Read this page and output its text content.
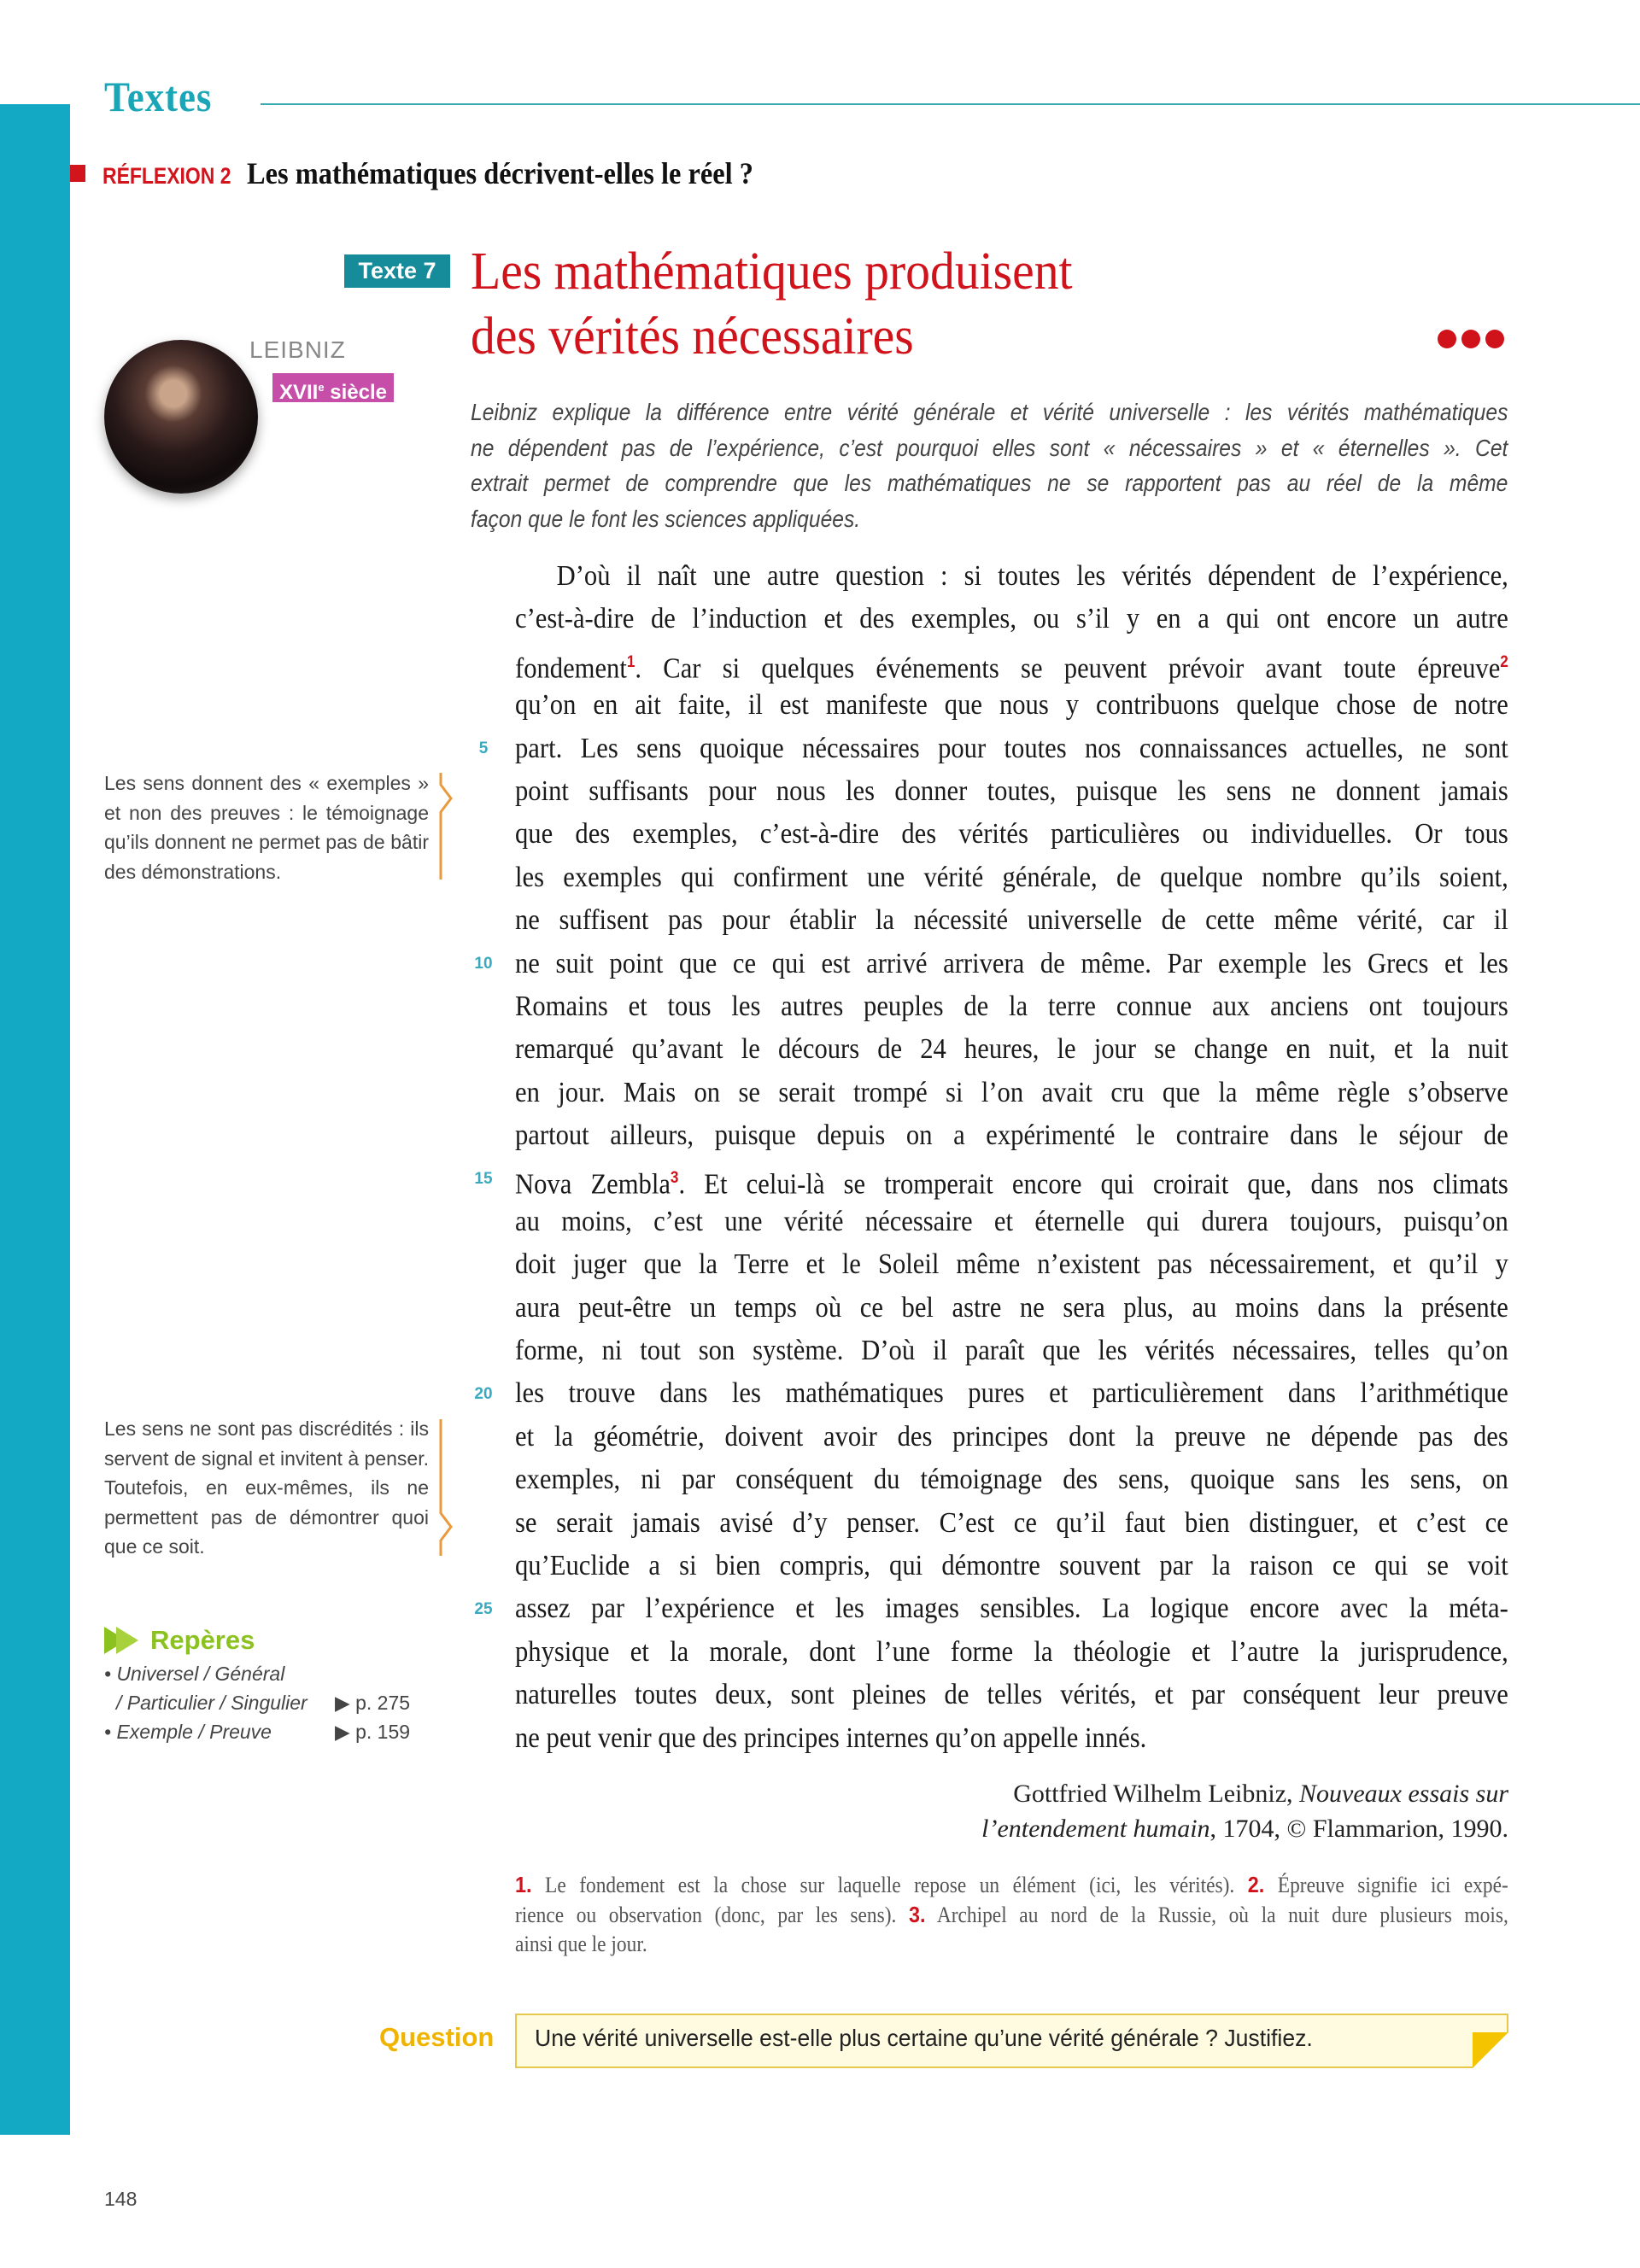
Textes
RÉFLEXION 2 Les mathématiques décrivent-elles le réel ?
Texte 7 Les mathématiques produisent
des vérités nécessaires
LEIBNIZ
XVIIe siècle
Leibniz explique la différence entre vérité générale et vérité universelle : les vérités mathématiques
ne dépendent pas de l’expérience, c’est pourquoi elles sont « nécessaires » et « éternelles ». Cet
extrait permet de comprendre que les mathématiques ne se rapportent pas au réel de la même
façon que le font les sciences appliquées.
D’où il naît une autre question : si toutes les vérités dépendent de l’expérience,
c’est-à-dire de l’induction et des exemples, ou s’il y en a qui ont encore un autre
fondement$^1$. Car si quelques événements se peuvent prévoir avant toute épreuve$^2$
qu’on en ait faite, il est manifeste que nous y contribuons quelque chose de notre
part. Les sens quoique nécessaires pour toutes nos connaissances actuelles, ne sont
point suffisants pour nous les donner toutes, puisque les sens ne donnent jamais
que des exemples, c’est-à-dire des vérités particulières ou individuelles. Or tous
les exemples qui confirment une vérité générale, de quelque nombre qu’ils soient,
ne suffisent pas pour établir la nécessité universelle de cette même vérité, car il
ne suit point que ce qui est arrivé arrivera de même. Par exemple les Grecs et les
Romains et tous les autres peuples de la terre connue aux anciens ont toujours
remarqué qu’avant le décours de 24 heures, le jour se change en nuit, et la nuit
en jour. Mais on se serait trompé si l’on avait cru que la même règle s’observe
partout ailleurs, puisque depuis on a expérimenté le contraire dans le séjour de
Nova Zembla$^3$. Et celui-là se tromperait encore qui croirait que, dans nos climats
au moins, c’est une vérité nécessaire et éternelle qui durera toujours, puisqu’on
doit juger que la Terre et le Soleil même n’existent pas nécessairement, et qu’il y
aura peut-être un temps où ce bel astre ne sera plus, au moins dans la présente
forme, ni tout son système. D’où il paraît que les vérités nécessaires, telles qu’on
les trouve dans les mathématiques pures et particulièrement dans l’arithmétique
et la géométrie, doivent avoir des principes dont la preuve ne dépende pas des
exemples, ni par conséquent du témoignage des sens, quoique sans les sens, on
se serait jamais avisé d’y penser. C’est ce qu’il faut bien distinguer, et c’est ce
qu’Euclide a si bien compris, qui démontre souvent par la raison ce qui se voit
assez par l’expérience et les images sensibles. La logique encore avec la méta-
physique et la morale, dont l’une forme la théologie et l’autre la jurisprudence,
naturelles toutes deux, sont pleines de telles vérités, et par conséquent leur preuve
ne peut venir que des principes internes qu’on appelle innés.
5
10
15
20
25
Les sens donnent des « exemples » et non des preuves : le témoignage qu’ils donnent ne permet pas de bâtir des démonstrations.
Les sens ne sont pas discrédités : ils servent de signal et invitent à penser. Toutefois, en eux-mêmes, ils ne permettent pas de démontrer quoi que ce soit.
Repères
• Universel / Général
/ Particulier / Singulier ▶ p. 275
• Exemple / Preuve	▶ p. 159
Gottfried Wilhelm Leibniz, Nouveaux essais sur
l’entendement humain, 1704, © Flammarion, 1990.
1. Le fondement est la chose sur laquelle repose un élément (ici, les vérités). 2. Épreuve signifie ici expé-
rience ou observation (donc, par les sens). 3. Archipel au nord de la Russie, où la nuit dure plusieurs mois,
ainsi que le jour.
Question Une vérité universelle est-elle plus certaine qu’une vérité générale ? Justifiez.
148
